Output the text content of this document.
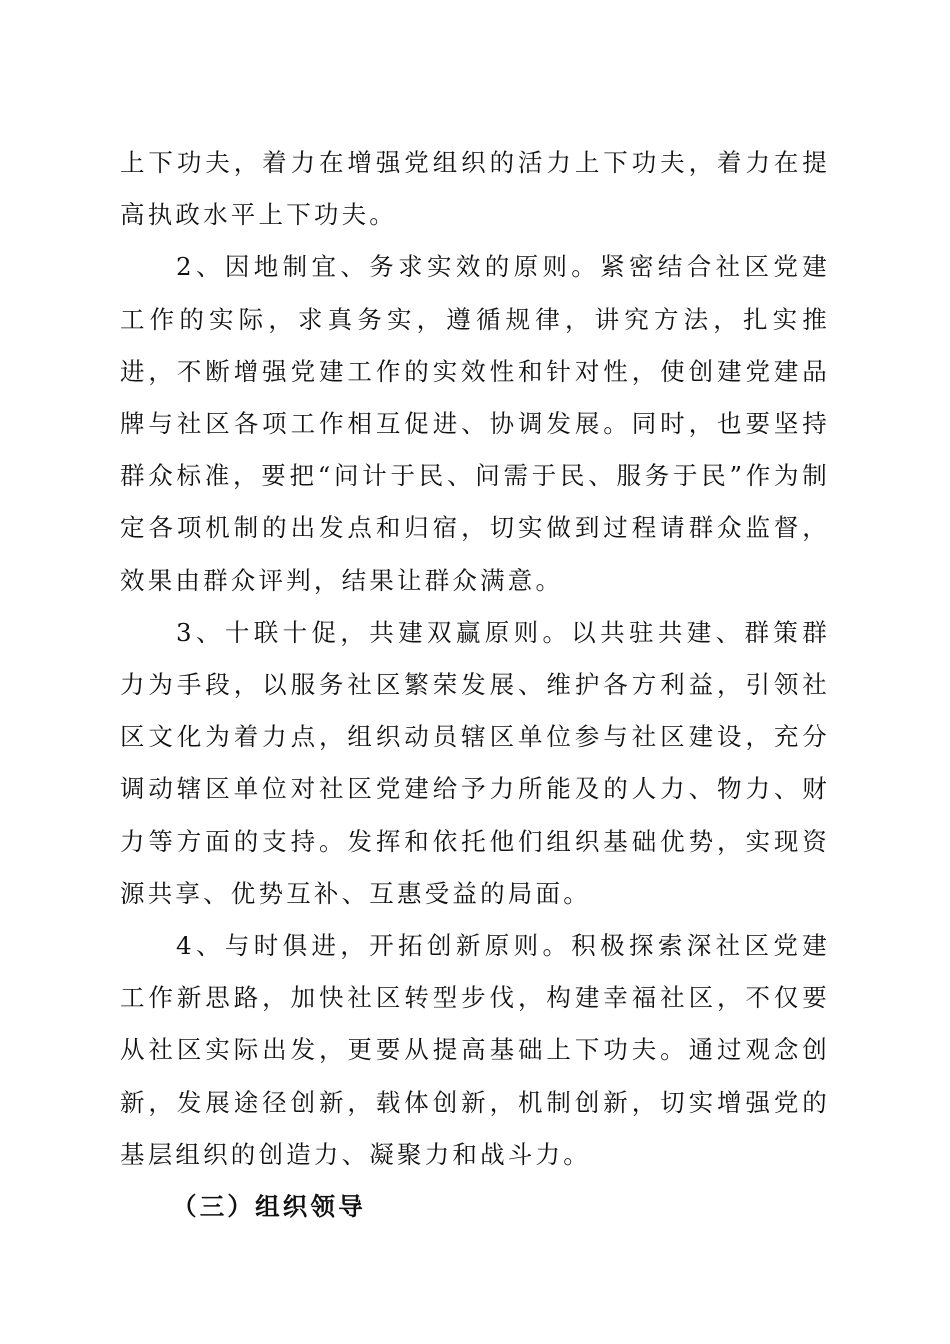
上下功夫，着力在增强党组织的活力上下功夫，着力在提高执政水平上下功夫。

2、因地制宜、务求实效的原则。紧密结合社区党建工作的实际，求真务实，遵循规律，讲究方法，扎实推进，不断增强党建工作的实效性和针对性，使创建党建品牌与社区各项工作相互促进、协调发展。同时，也要坚持群众标准，要把“问计于民、问需于民、服务于民”作为制定各项机制的出发点和归宿，切实做到过程请群众监督，效果由群众评判，结果让群众满意。

3、十联十促，共建双赢原则。以共驻共建、群策群力为手段，以服务社区繁荣发展、维护各方利益，引领社区文化为着力点，组织动员辖区单位参与社区建设，充分调动辖区单位对社区党建给予力所能及的人力、物力、财力等方面的支持。发挥和依托他们组织基础优势，实现资源共享、优势互补、互惠受益的局面。

4、与时俱进，开拓创新原则。积极探索深社区党建工作新思路，加快社区转型步伐，构建幸福社区，不仅要从社区实际出发，更要从提高基础上下功夫。通过观念创新，发展途径创新，载体创新，机制创新，切实增强党的基层组织的创造力、凝聚力和战斗力。

（三）组织领导
